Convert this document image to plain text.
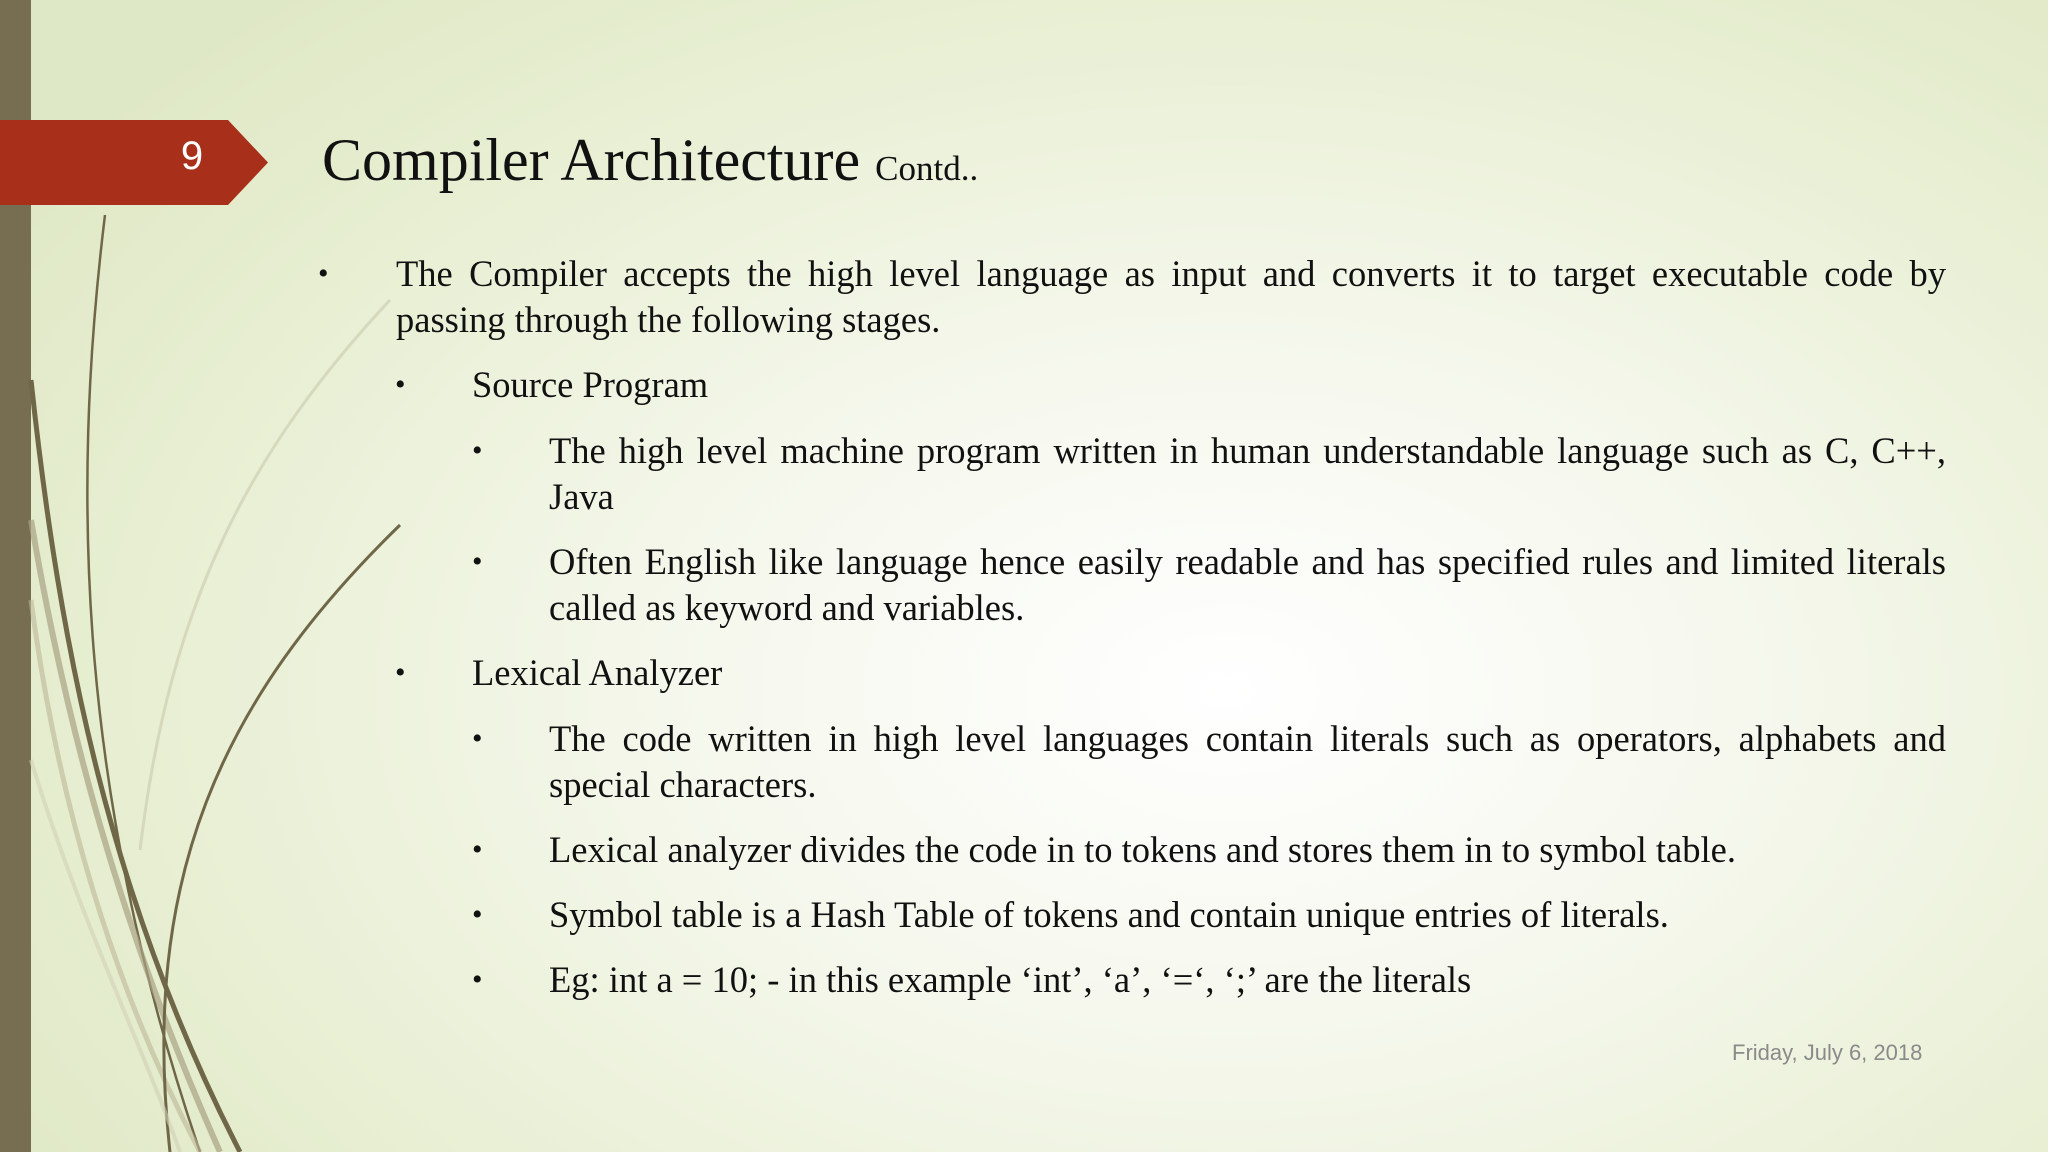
9	Compiler Architecture Contd..
• The Compiler accepts the high level language as input and converts it to target executable code by passing through the following stages.
• Source Program
• The high level machine program written in human understandable language such as C, C++, Java
• Often English like language hence easily readable and has specified rules and limited literals called as keyword and variables.
• Lexical Analyzer
• The code written in high level languages contain literals such as operators, alphabets and special characters.
• Lexical analyzer divides the code in to tokens and stores them in to symbol table.
• Symbol table is a Hash Table of tokens and contain unique entries of literals.
• Eg: int a = 10; - in this example ‘int’, ‘a’, ‘=‘, ‘;’ are the literals
Friday, July 6, 2018
